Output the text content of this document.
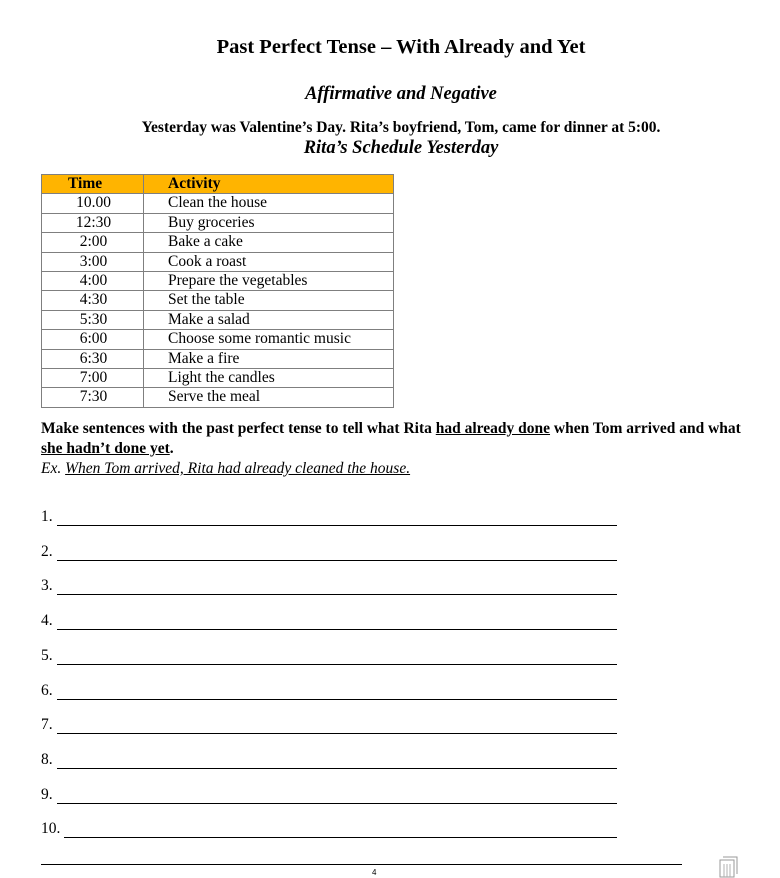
Past Perfect Tense – With Already and Yet
Affirmative and Negative
Yesterday was Valentine’s Day. Rita’s boyfriend, Tom, came for dinner at 5:00.
Rita’s Schedule Yesterday
Time	Activity
10.00	Clean the house
12:30	Buy groceries
2:00	Bake a cake
3:00	Cook a roast
4:00	Prepare the vegetables
4:30	Set the table
5:30	Make a salad
6:00	Choose some romantic music
6:30	Make a fire
7:00	Light the candles
7:30	Serve the meal
Make sentences with the past perfect tense to tell what Rita had already done when Tom arrived and what she hadn’t done yet.
Ex. When Tom arrived, Rita had already cleaned the house.
1.
2.
3.
4.
5.
6.
7.
8.
9.
10.
4
